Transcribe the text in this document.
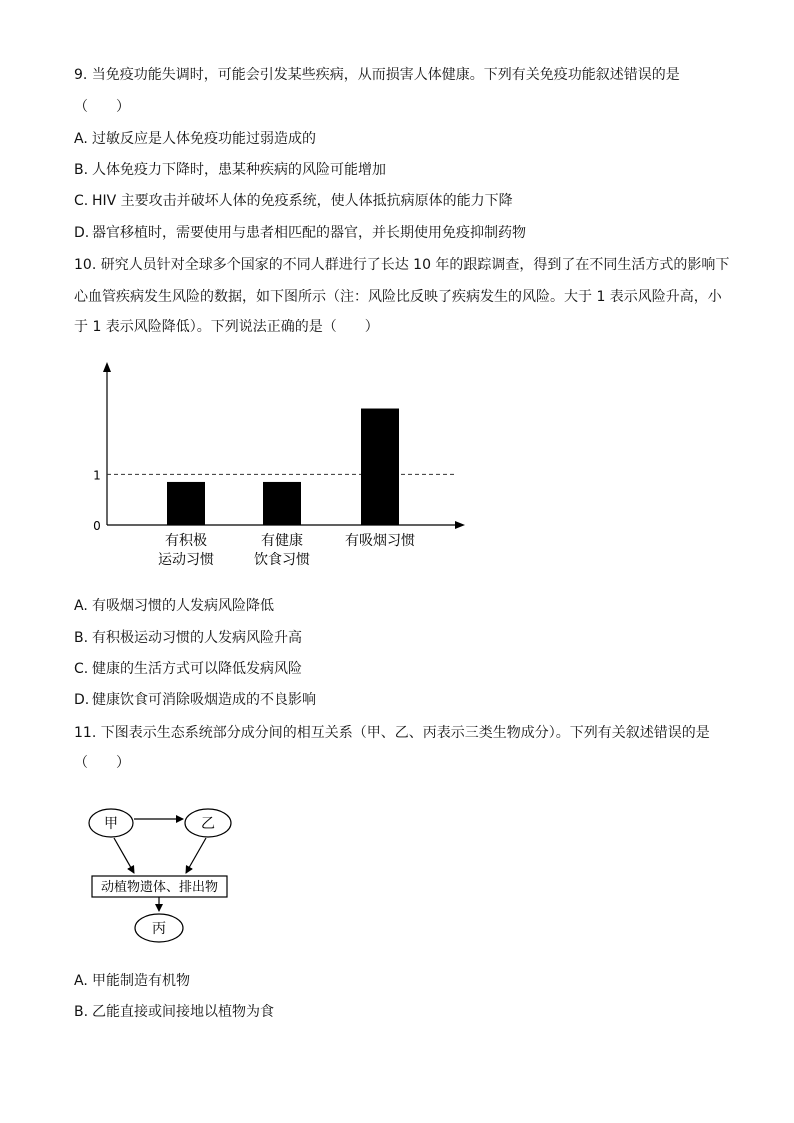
9. 当免疫功能失调时，可能会引发某些疾病，从而损害人体健康。下列有关免疫功能叙述错误的是
（　　）
A. 过敏反应是人体免疫功能过弱造成的
B. 人体免疫力下降时，患某种疾病的风险可能增加
C. HIV 主要攻击并破坏人体的免疫系统，使人体抵抗病原体的能力下降
D. 器官移植时，需要使用与患者相匹配的器官，并长期使用免疫抑制药物
10. 研究人员针对全球多个国家的不同人群进行了长达 10 年的跟踪调查，得到了在不同生活方式的影响下
心血管疾病发生风险的数据，如下图所示（注：风险比反映了疾病发生的风险。大于 1 表示风险升高，小
于 1 表示风险降低）。下列说法正确的是（　　）
0
1
有积极
运动习惯
有健康
饮食习惯
有吸烟习惯
A. 有吸烟习惯的人发病风险降低
B. 有积极运动习惯的人发病风险升高
C. 健康的生活方式可以降低发病风险
D. 健康饮食可消除吸烟造成的不良影响
11. 下图表示生态系统部分成分间的相互关系（甲、乙、丙表示三类生物成分）。下列有关叙述错误的是
（　　）
甲	乙
动植物遗体、排出物
丙
A. 甲能制造有机物
B. 乙能直接或间接地以植物为食
